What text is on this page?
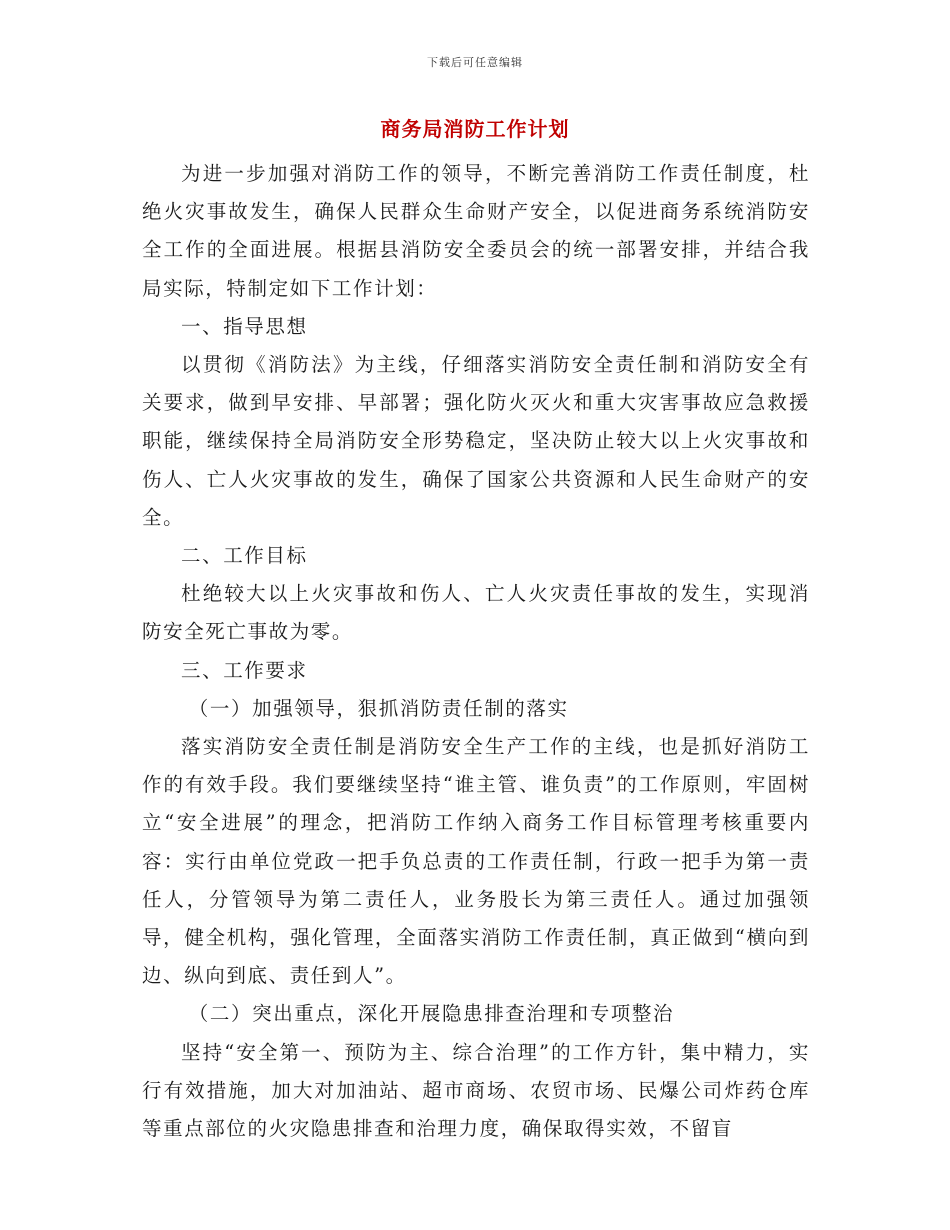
下载后可任意编辑
商务局消防工作计划

为进一步加强对消防工作的领导，不断完善消防工作责任制度，杜绝火灾事故发生，确保人民群众生命财产安全，以促进商务系统消防安全工作的全面进展。根据县消防安全委员会的统一部署安排，并结合我局实际，特制定如下工作计划：

一、指导思想

以贯彻《消防法》为主线，仔细落实消防安全责任制和消防安全有关要求，做到早安排、早部署；强化防火灭火和重大灾害事故应急救援职能，继续保持全局消防安全形势稳定，坚决防止较大以上火灾事故和伤人、亡人火灾事故的发生，确保了国家公共资源和人民生命财产的安全。

二、工作目标

杜绝较大以上火灾事故和伤人、亡人火灾责任事故的发生，实现消防安全死亡事故为零。

三、工作要求

（一）加强领导，狠抓消防责任制的落实

落实消防安全责任制是消防安全生产工作的主线，也是抓好消防工作的有效手段。我们要继续坚持“谁主管、谁负责”的工作原则，牢固树立“安全进展”的理念，把消防工作纳入商务工作目标管理考核重要内容：实行由单位党政一把手负总责的工作责任制，行政一把手为第一责任人，分管领导为第二责任人，业务股长为第三责任人。通过加强领导，健全机构，强化管理，全面落实消防工作责任制，真正做到“横向到边、纵向到底、责任到人”。

（二）突出重点，深化开展隐患排查治理和专项整治

坚持“安全第一、预防为主、综合治理”的工作方针，集中精力，实行有效措施，加大对加油站、超市商场、农贸市场、民爆公司炸药仓库等重点部位的火灾隐患排查和治理力度，确保取得实效，不留盲
